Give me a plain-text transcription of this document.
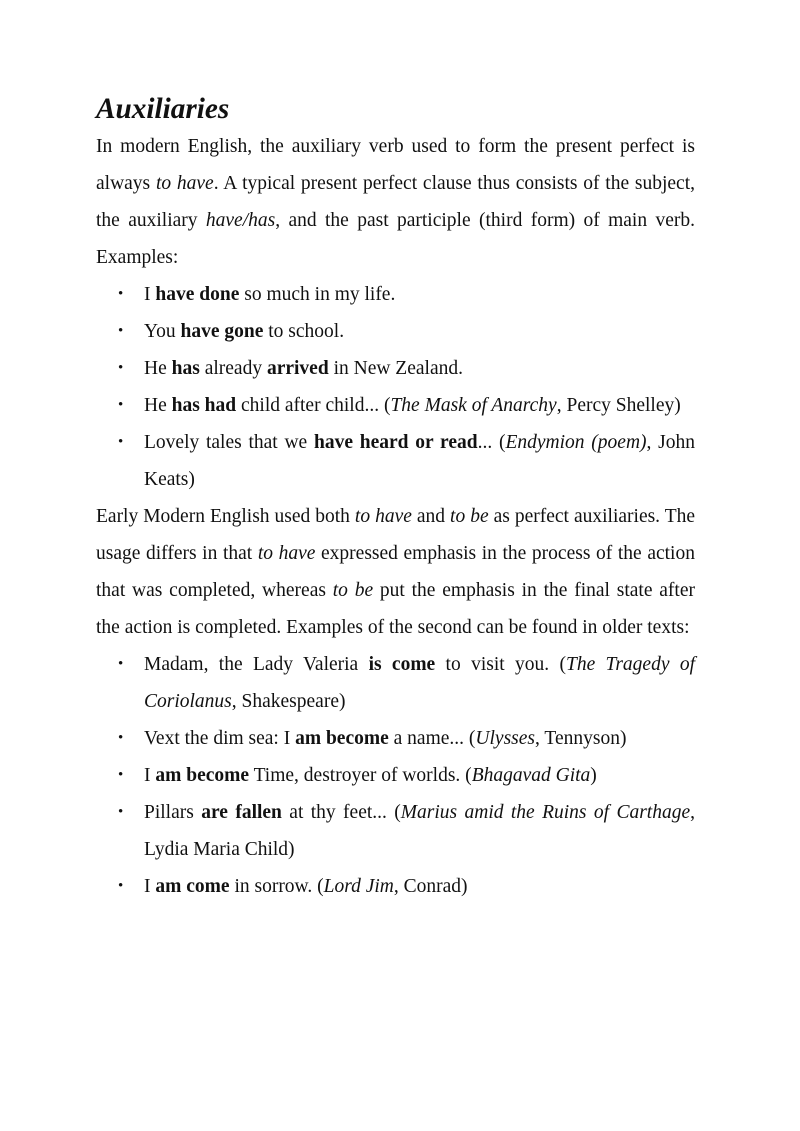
Auxiliaries

In modern English, the auxiliary verb used to form the present perfect is always to have. A typical present perfect clause thus consists of the subject, the auxiliary have/has, and the past participle (third form) of main verb. Examples:

• I have done so much in my life.
• You have gone to school.
• He has already arrived in New Zealand.
• He has had child after child... (The Mask of Anarchy, Percy Shelley)
• Lovely tales that we have heard or read... (Endymion (poem), John Keats)

Early Modern English used both to have and to be as perfect auxiliaries. The usage differs in that to have expressed emphasis in the process of the action that was completed, whereas to be put the emphasis in the final state after the action is completed. Examples of the second can be found in older texts:

• Madam, the Lady Valeria is come to visit you. (The Tragedy of Coriolanus, Shakespeare)
• Vext the dim sea: I am become a name... (Ulysses, Tennyson)
• I am become Time, destroyer of worlds. (Bhagavad Gita)
• Pillars are fallen at thy feet... (Marius amid the Ruins of Carthage, Lydia Maria Child)
• I am come in sorrow. (Lord Jim, Conrad)
